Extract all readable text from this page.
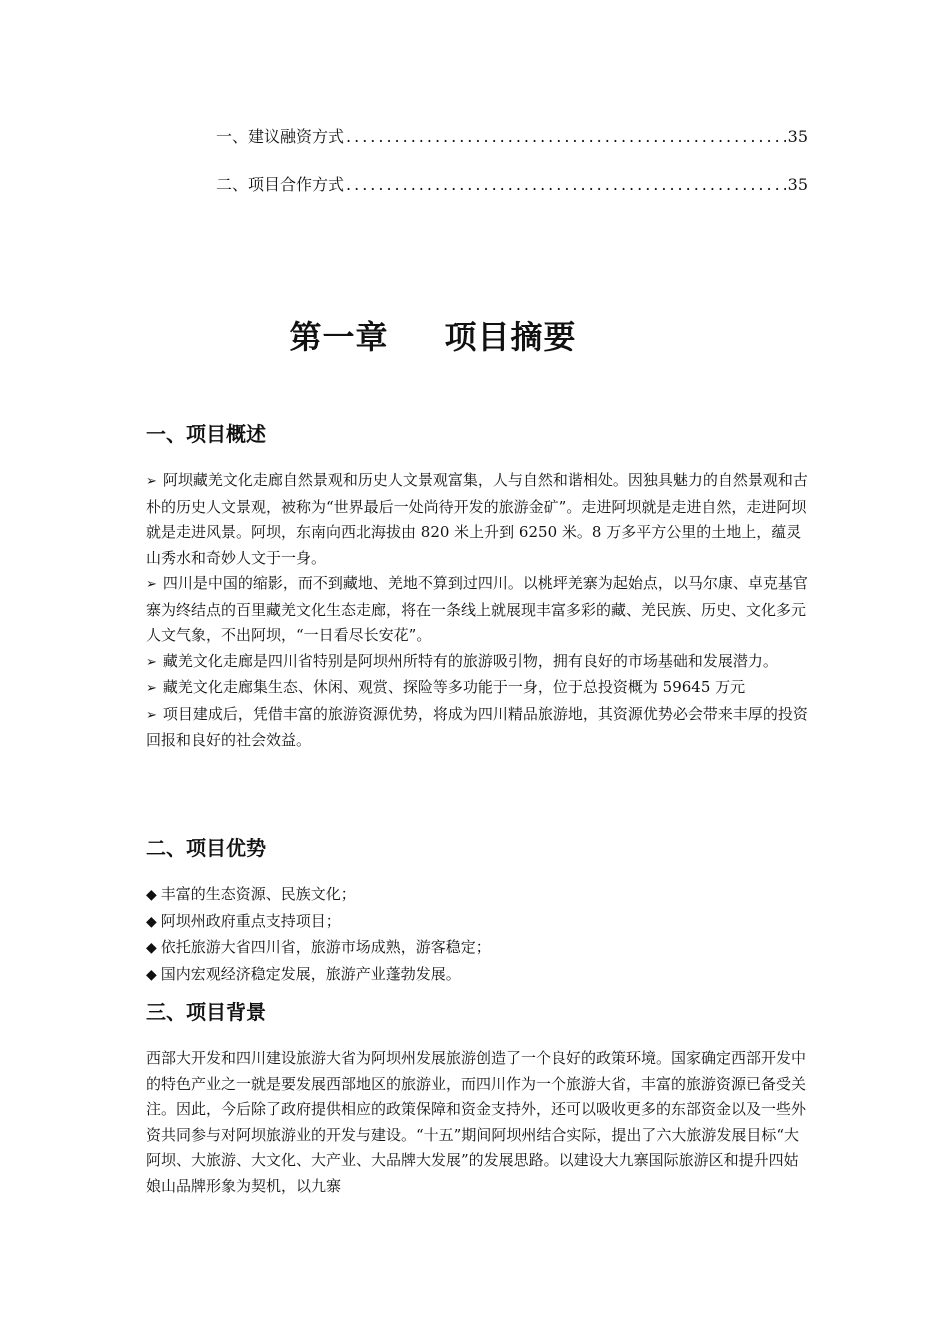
一、建议融资方式 .....	35
二、项目合作方式 .....	35
第一章 项目摘要
一、项目概述

➢ 阿坝藏羌文化走廊自然景观和历史人文景观富集，人与自然和谐相处。因独具魅力的自然景观和古朴的历史人文景观，被称为“世界最后一处尚待开发的旅游金矿”。走进阿坝就是走进自然，走进阿坝就是走进风景。阿坝，东南向西北海拔由 820 米上升到 6250 米。8 万多平方公里的土地上，蕴灵山秀水和奇妙人文于一身。

➢ 四川是中国的缩影，而不到藏地、羌地不算到过四川。以桃坪羌寨为起始点，以马尔康、卓克基官寨为终结点的百里藏羌文化生态走廊，将在一条线上就展现丰富多彩的藏、羌民族、历史、文化多元人文气象，不出阿坝，“一日看尽长安花”。

➢ 藏羌文化走廊是四川省特别是阿坝州所特有的旅游吸引物，拥有良好的市场基础和发展潜力。

➢ 藏羌文化走廊集生态、休闲、观赏、探险等多功能于一身，位于总投资概为 59645 万元

➢ 项目建成后，凭借丰富的旅游资源优势，将成为四川精品旅游地，其资源优势必会带来丰厚的投资回报和良好的社会效益。

二、项目优势

◆ 丰富的生态资源、民族文化；

◆ 阿坝州政府重点支持项目；

◆ 依托旅游大省四川省，旅游市场成熟，游客稳定；

◆ 国内宏观经济稳定发展，旅游产业蓬勃发展。

三、项目背景

西部大开发和四川建设旅游大省为阿坝州发展旅游创造了一个良好的政策环境。国家确定西部开发中的特色产业之一就是要发展西部地区的旅游业，而四川作为一个旅游大省，丰富的旅游资源已备受关注。因此，今后除了政府提供相应的政策保障和资金支持外，还可以吸收更多的东部资金以及一些外资共同参与对阿坝旅游业的开发与建设。“十五”期间阿坝州结合实际，提出了六大旅游发展目标“大阿坝、大旅游、大文化、大产业、大品牌大发展”的发展思路。以建设大九寨国际旅游区和提升四姑娘山品牌形象为契机，以九寨
